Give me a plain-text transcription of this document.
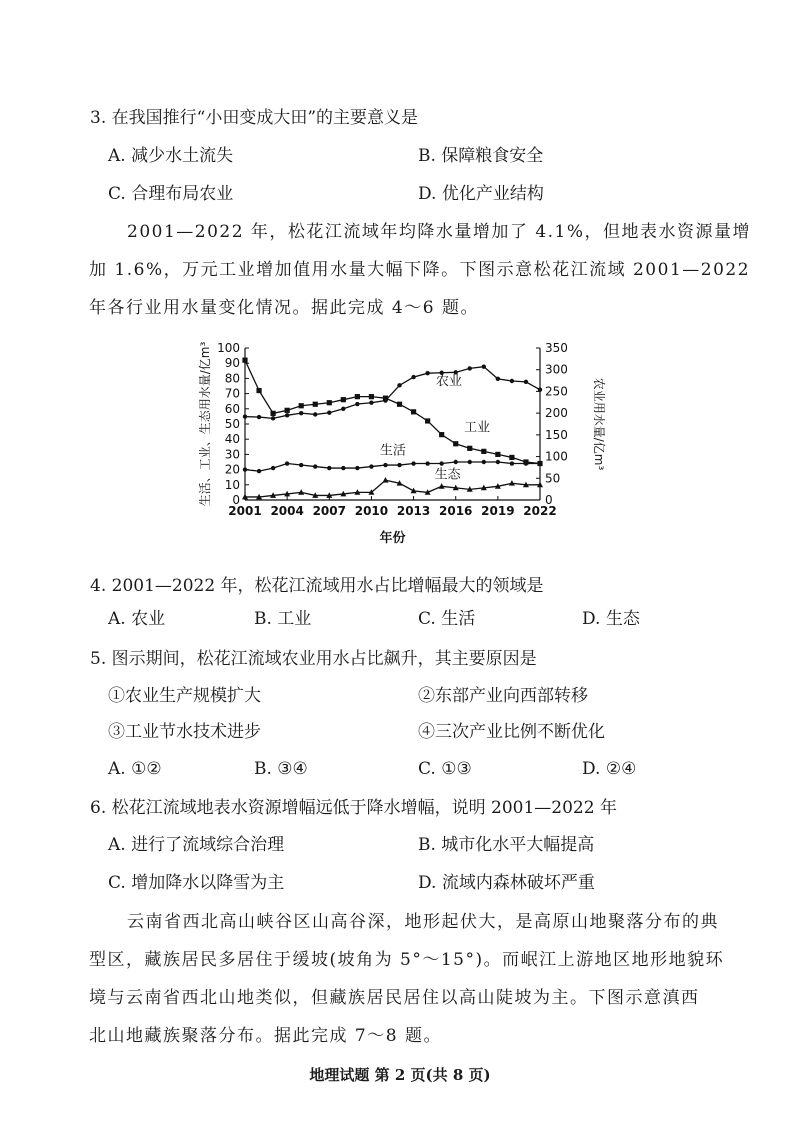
3. 在我国推行“小田变成大田”的主要意义是
A. 减少水土流失	B. 保障粮食安全
C. 合理布局农业	D. 优化产业结构
2001—2022 年，松花江流域年均降水量增加了 4.1%，但地表水资源量增
加 1.6%，万元工业增加值用水量大幅下降。下图示意松花江流域 2001—2022
年各行业用水量变化情况。据此完成 4～6 题。
0
10
20
30
40
50
60
70
80
90
100
0
50
100
150
200
250
300
350
2001 2004 2007 2010 2013 2016 2019 2022
年份
生活、工业、生态用水量/亿m³	农业用水量/亿m³
农业
工业
生活
生态
4. 2001—2022 年，松花江流域用水占比增幅最大的领域是
A. 农业	B. 工业	C. 生活	D. 生态
5. 图示期间，松花江流域农业用水占比飙升，其主要原因是
①农业生产规模扩大	②东部产业向西部转移
③工业节水技术进步	④三次产业比例不断优化
A. ①②	B. ③④	C. ①③	D. ②④
6. 松花江流域地表水资源增幅远低于降水增幅，说明 2001—2022 年
A. 进行了流域综合治理	B. 城市化水平大幅提高
C. 增加降水以降雪为主	D. 流域内森林破坏严重
云南省西北高山峡谷区山高谷深，地形起伏大，是高原山地聚落分布的典
型区，藏族居民多居住于缓坡(坡角为 5°～15°)。而岷江上游地区地形地貌环
境与云南省西北山地类似，但藏族居民居住以高山陡坡为主。下图示意滇西
北山地藏族聚落分布。据此完成 7～8 题。
地理试题 第 2 页(共 8 页)
